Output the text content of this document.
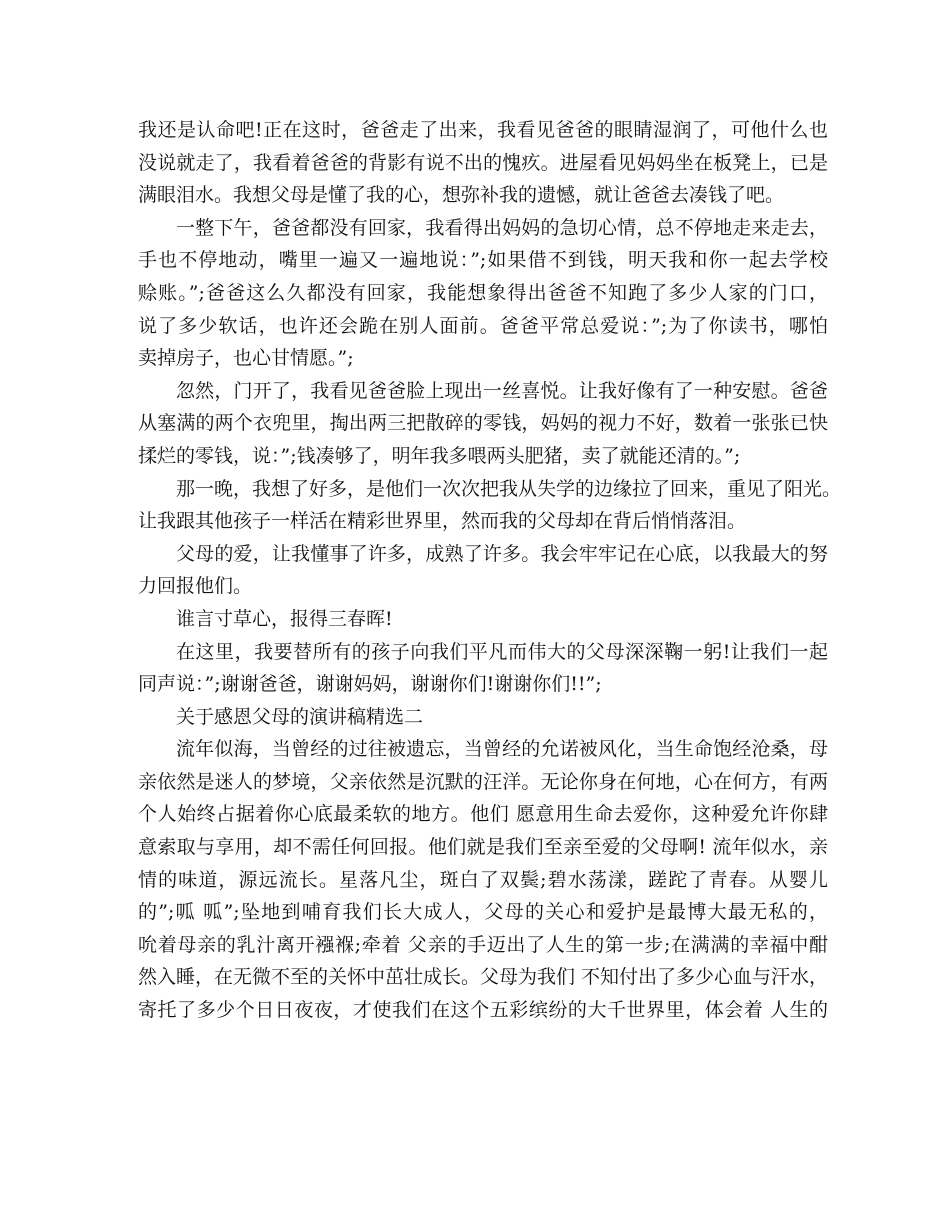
我还是认命吧!正在这时，爸爸走了出来，我看见爸爸的眼睛湿润了，可他什么也
没说就走了，我看着爸爸的背影有说不出的愧疚。进屋看见妈妈坐在板凳上，已是
满眼泪水。我想父母是懂了我的心，想弥补我的遗憾，就让爸爸去凑钱了吧。
一整下午，爸爸都没有回家，我看得出妈妈的急切心情，总不停地走来走去，
手也不停地动，嘴里一遍又一遍地说：”;如果借不到钱，明天我和你一起去学校
赊账。”;爸爸这么久都没有回家，我能想象得出爸爸不知跑了多少人家的门口，
说了多少软话，也许还会跪在别人面前。爸爸平常总爱说：”;为了你读书，哪怕
卖掉房子，也心甘情愿。”;
忽然，门开了，我看见爸爸脸上现出一丝喜悦。让我好像有了一种安慰。爸爸
从塞满的两个衣兜里，掏出两三把散碎的零钱，妈妈的视力不好，数着一张张已快
揉烂的零钱，说：”;钱凑够了，明年我多喂两头肥猪，卖了就能还清的。”;
那一晚，我想了好多，是他们一次次把我从失学的边缘拉了回来，重见了阳光。
让我跟其他孩子一样活在精彩世界里，然而我的父母却在背后悄悄落泪。
父母的爱，让我懂事了许多，成熟了许多。我会牢牢记在心底，以我最大的努
力回报他们。
谁言寸草心，报得三春晖!
在这里，我要替所有的孩子向我们平凡而伟大的父母深深鞠一躬!让我们一起
同声说：”;谢谢爸爸，谢谢妈妈，谢谢你们!谢谢你们!!”;
关于感恩父母的演讲稿精选二
流年似海，当曾经的过往被遗忘，当曾经的允诺被风化，当生命饱经沧桑，母
亲依然是迷人的梦境，父亲依然是沉默的汪洋。无论你身在何地，心在何方，有两
个人始终占据着你心底最柔软的地方。他们 愿意用生命去爱你，这种爱允许你肆
意索取与享用，却不需任何回报。他们就是我们至亲至爱的父母啊! 流年似水，亲
情的味道，源远流长。星落凡尘，斑白了双鬓;碧水荡漾，蹉跎了青春。从婴儿
的”;呱 呱”;坠地到哺育我们长大成人，父母的关心和爱护是最博大最无私的，
吮着母亲的乳汁离开襁褓;牵着 父亲的手迈出了人生的第一步;在满满的幸福中酣
然入睡，在无微不至的关怀中茁壮成长。父母为我们 不知付出了多少心血与汗水，
寄托了多少个日日夜夜，才使我们在这个五彩缤纷的大千世界里，体会着 人生的
